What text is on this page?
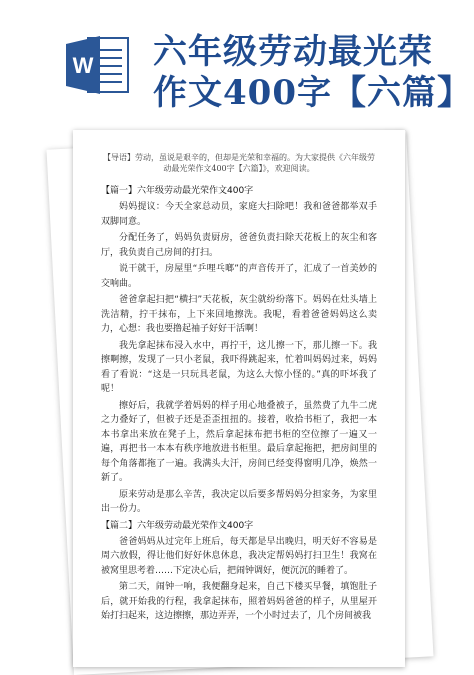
W 六年级劳动最光荣
作文400字【六篇】
【导语】劳动，虽说是艰辛的，但却是光荣和幸福的。为大家提供《六年级劳动最光荣作文400字【六篇】》，欢迎阅读。

【篇一】六年级劳动最光荣作文400字

妈妈提议：今天全家总动员，家庭大扫除吧！我和爸爸都举双手双脚同意。

分配任务了，妈妈负责厨房，爸爸负责扫除天花板上的灰尘和客厅，我负责自己房间的打扫。

说干就干，房屋里“乒哩乓啷”的声音传开了，汇成了一首美妙的交响曲。

爸爸拿起扫把“横扫”天花板，灰尘就纷纷落下。妈妈在灶头墙上洗洁精，拧干抹布，上下来回地擦洗。我呢，看着爸爸妈妈这么卖力，心想：我也要撸起袖子好好干活啊！

我先拿起抹布浸入水中，再拧干，这儿擦一下，那儿擦一下。我擦啊擦，发现了一只小老鼠，我吓得跳起来，忙着叫妈妈过来，妈妈看了看说：“这是一只玩具老鼠，为这么大惊小怪的。”真的吓坏我了呢！

擦好后，我就学着妈妈的样子用心地叠被子，虽然费了九牛二虎之力叠好了，但被子还是歪歪扭扭的。接着，收拾书柜了，我把一本本书拿出来放在凳子上，然后拿起抹布把书柜的空位擦了一遍又一遍，再把书一本本有秩序地放进书柜里。最后拿起拖把，把房间里的每个角落都拖了一遍。我满头大汗，房间已经变得窗明几净，焕然一新了。

原来劳动是那么辛苦，我决定以后要多帮妈妈分担家务，为家里出一份力。

【篇二】六年级劳动最光荣作文400字

爸爸妈妈从过完年上班后，每天都是早出晚归，明天好不容易是周六放假，得让他们好好休息休息，我决定帮妈妈打扫卫生！我窝在被窝里思考着……下定决心后，把闹钟调好，便沉沉的睡着了。

第二天，闹钟一响，我便翻身起来，自己下楼买早餐，填饱肚子后，就开始我的行程，我拿起抹布，照着妈妈爸爸的样子，从里屋开始打扫起来，这边擦擦，那边弄弄，一个小时过去了，几个房间被我
